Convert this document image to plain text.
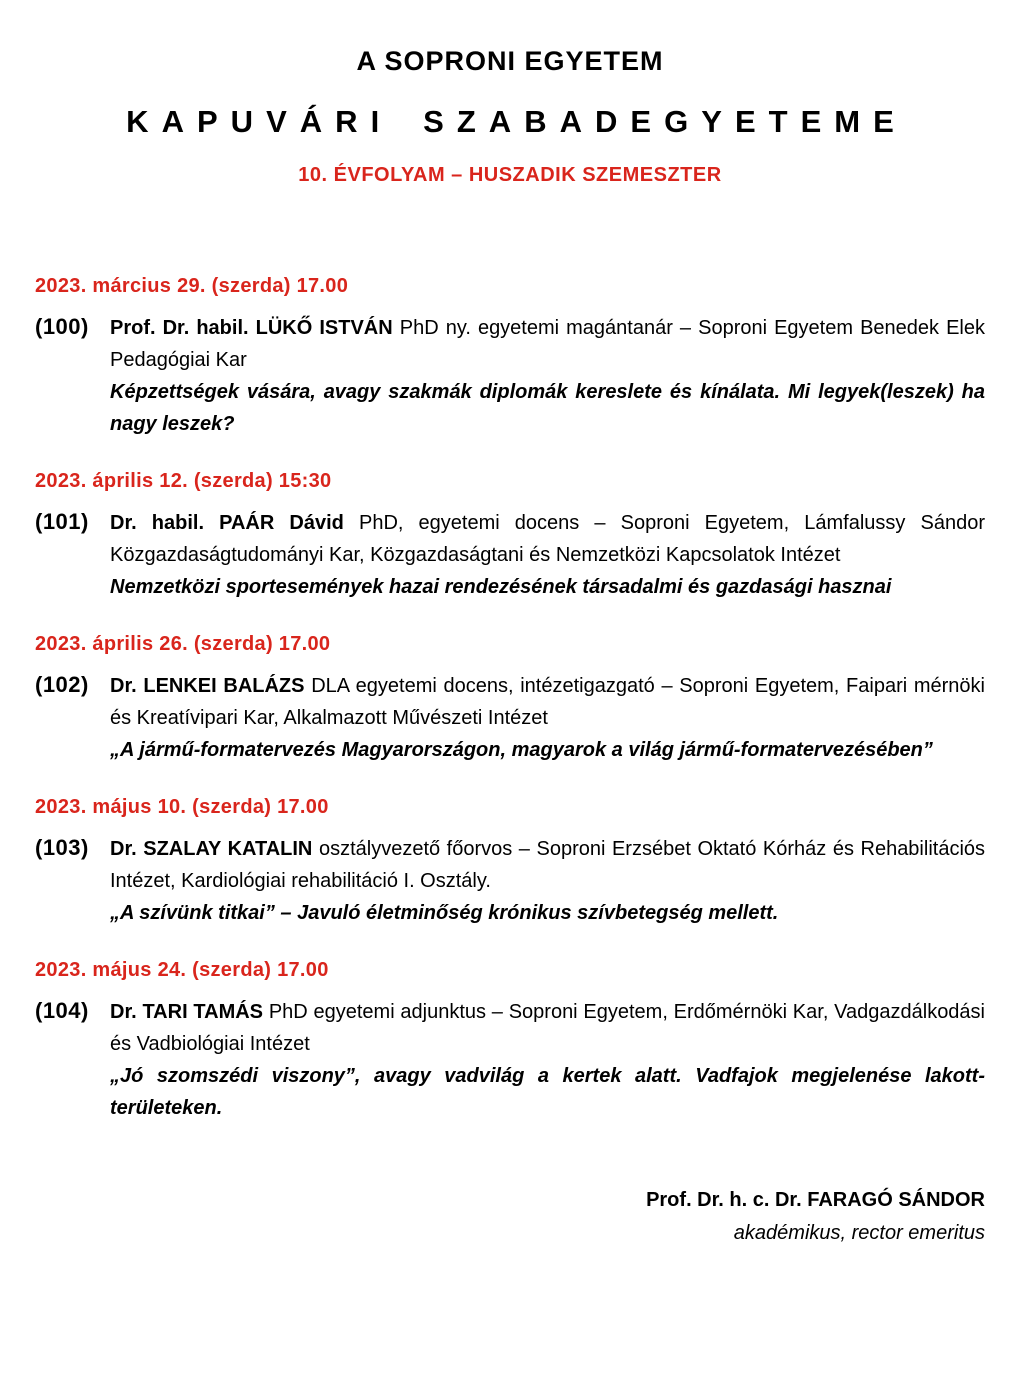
A SOPRONI EGYETEM
KAPUVÁRI SZABADEGYETEME
10. ÉVFOLYAM – HUSZADIK SZEMESZTER
2023. március 29. (szerda) 17.00
(100) Prof. Dr. habil. LÜKŐ ISTVÁN PhD ny. egyetemi magántanár – Soproni Egyetem Benedek Elek Pedagógiai Kar
Képzettségek vására, avagy szakmák diplomák kereslete és kínálata. Mi legyek(leszek) ha nagy leszek?
2023. április 12. (szerda) 15:30
(101) Dr. habil. PAÁR Dávid PhD, egyetemi docens – Soproni Egyetem, Lámfalussy Sándor Közgazdaságtudományi Kar, Közgazdaságtani és Nemzetközi Kapcsolatok Intézet
Nemzetközi sportesemények hazai rendezésének társadalmi és gazdasági hasznai
2023. április 26. (szerda) 17.00
(102) Dr. LENKEI BALÁZS DLA egyetemi docens, intézetigazgató – Soproni Egyetem, Faipari mérnöki és Kreatívipari Kar, Alkalmazott Művészeti Intézet
„A jármű-formatervezés Magyarországon, magyarok a világ jármű-formatervezésében”
2023. május 10. (szerda) 17.00
(103) Dr. SZALAY KATALIN osztályvezető főorvos – Soproni Erzsébet Oktató Kórház és Rehabilitációs Intézet, Kardiológiai rehabilitáció I. Osztály.
„A szívünk titkai” – Javuló életminőség krónikus szívbetegség mellett.
2023. május 24. (szerda) 17.00
(104) Dr. TARI TAMÁS PhD egyetemi adjunktus – Soproni Egyetem, Erdőmérnöki Kar, Vadgazdálkodási és Vadbiológiai Intézet
„Jó szomszédi viszony”, avagy vadvilág a kertek alatt. Vadfajok megjelenése lakott-területeken.
Prof. Dr. h. c. Dr. FARAGÓ SÁNDOR
akadémikus, rector emeritus
